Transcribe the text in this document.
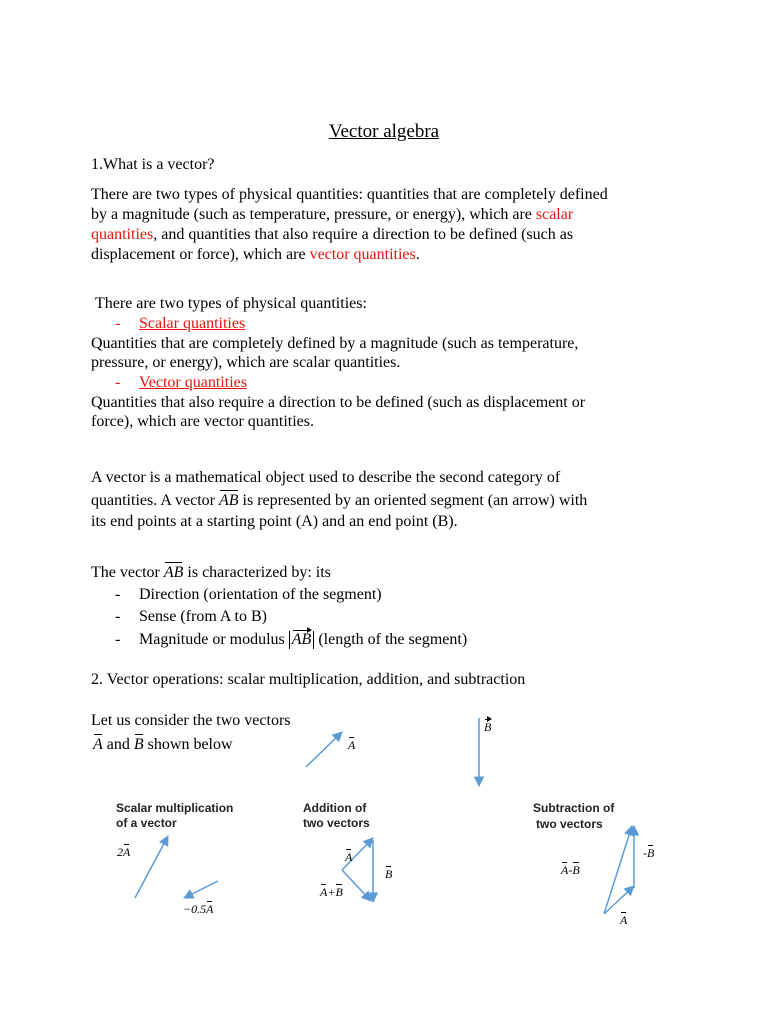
Vector algebra
1.What is a vector?
There are two types of physical quantities: quantities that are completely defined
by a magnitude (such as temperature, pressure, or energy), which are scalar
quantities, and quantities that also require a direction to be defined (such as
displacement or force), which are vector quantities.
There are two types of physical quantities:
- Scalar quantities
Quantities that are completely defined by a magnitude (such as temperature,
pressure, or energy), which are scalar quantities.
- Vector quantities
Quantities that also require a direction to be defined (such as displacement or
force), which are vector quantities.
A vector is a mathematical object used to describe the second category of
quantities. A vector AB is represented by an oriented segment (an arrow) with
its end points at a starting point (A) and an end point (B).
The vector AB is characterized by: its
- Direction (orientation of the segment)
- Sense (from A to B)
- Magnitude or modulus AB (length of the segment)
2. Vector operations: scalar multiplication, addition, and subtraction
Let us consider the two vectors
A and B shown below	A
B
Scalar multiplication
of a vector
Addition of
two vectors
Subtraction of
two vectors
2A
−0.5A
A
B
A+B
-B
A-B
A
